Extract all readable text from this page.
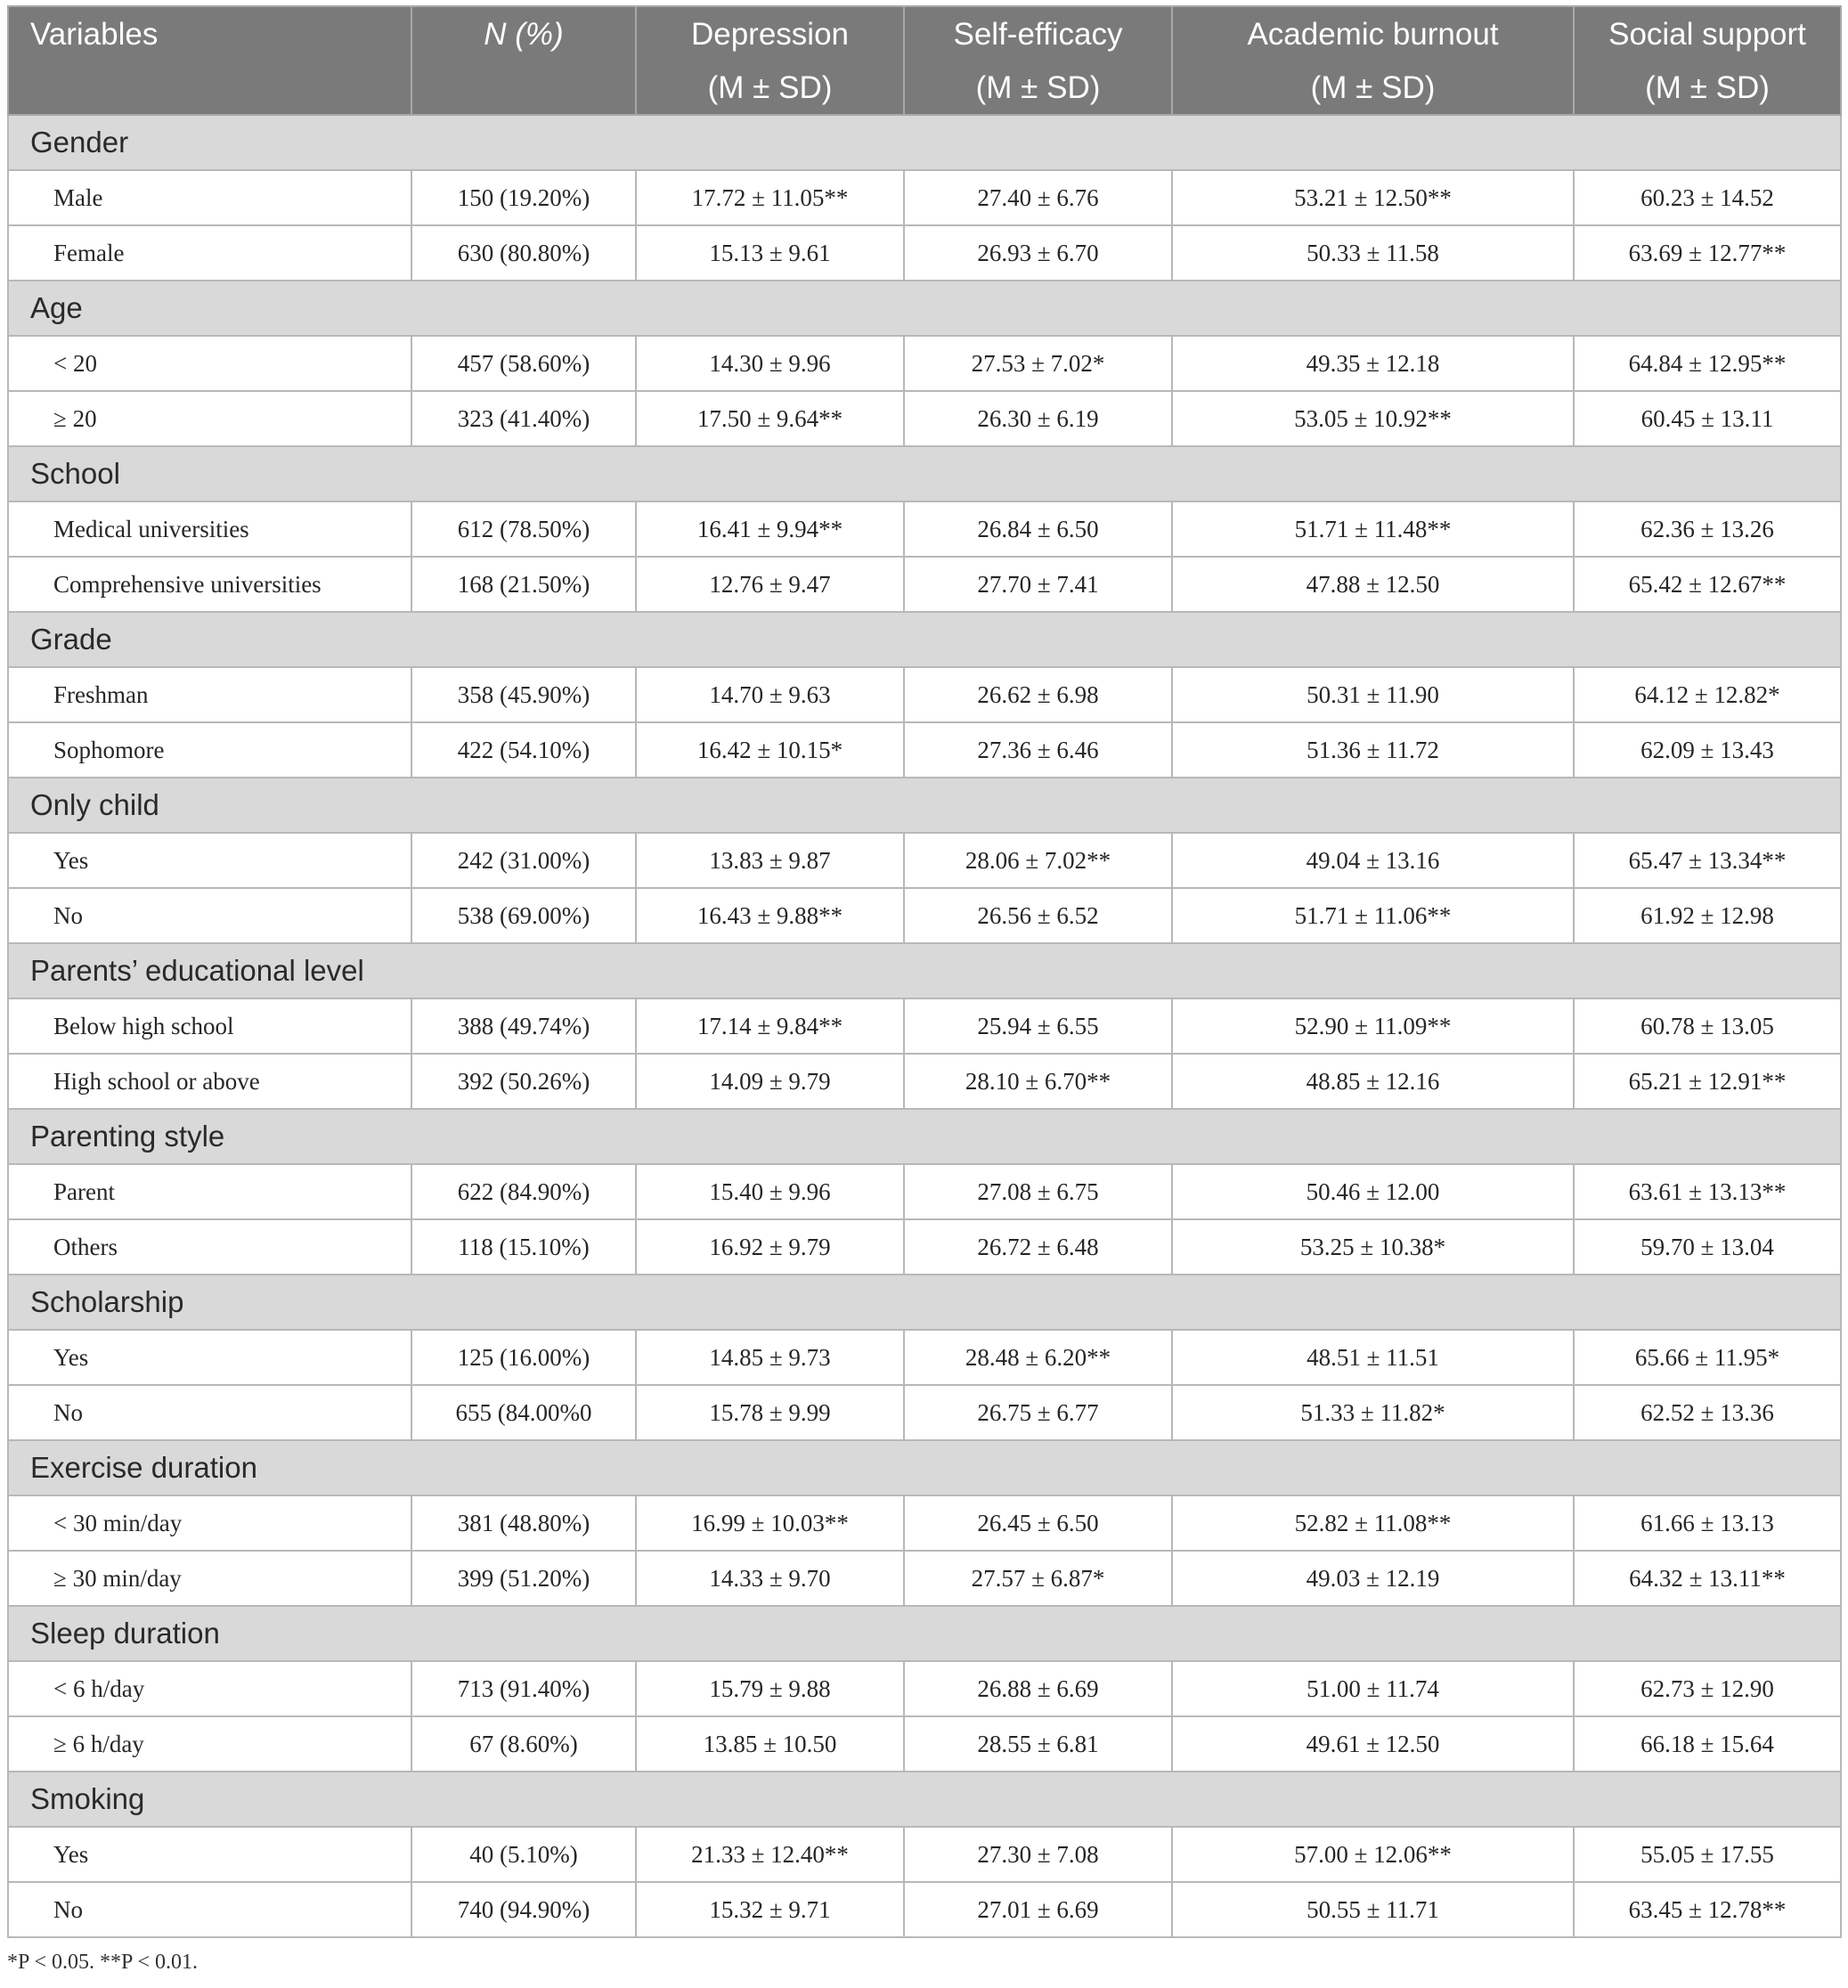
Variables	N (%)	Depression	Self-efficacy	Academic burnout	Social support
		(M ± SD)	(M ± SD)	(M ± SD)	(M ± SD)
Gender					
Male	150 (19.20%)	17.72 ± 11.05**	27.40 ± 6.76	53.21 ± 12.50**	60.23 ± 14.52
Female	630 (80.80%)	15.13 ± 9.61	26.93 ± 6.70	50.33 ± 11.58	63.69 ± 12.77**
Age					
< 20	457 (58.60%)	14.30 ± 9.96	27.53 ± 7.02*	49.35 ± 12.18	64.84 ± 12.95**
≥ 20	323 (41.40%)	17.50 ± 9.64**	26.30 ± 6.19	53.05 ± 10.92**	60.45 ± 13.11
School					
Medical universities	612 (78.50%)	16.41 ± 9.94**	26.84 ± 6.50	51.71 ± 11.48**	62.36 ± 13.26
Comprehensive universities	168 (21.50%)	12.76 ± 9.47	27.70 ± 7.41	47.88 ± 12.50	65.42 ± 12.67**
Grade					
Freshman	358 (45.90%)	14.70 ± 9.63	26.62 ± 6.98	50.31 ± 11.90	64.12 ± 12.82*
Sophomore	422 (54.10%)	16.42 ± 10.15*	27.36 ± 6.46	51.36 ± 11.72	62.09 ± 13.43
Only child					
Yes	242 (31.00%)	13.83 ± 9.87	28.06 ± 7.02**	49.04 ± 13.16	65.47 ± 13.34**
No	538 (69.00%)	16.43 ± 9.88**	26.56 ± 6.52	51.71 ± 11.06**	61.92 ± 12.98
Parents’ educational level					
Below high school	388 (49.74%)	17.14 ± 9.84**	25.94 ± 6.55	52.90 ± 11.09**	60.78 ± 13.05
High school or above	392 (50.26%)	14.09 ± 9.79	28.10 ± 6.70**	48.85 ± 12.16	65.21 ± 12.91**
Parenting style					
Parent	622 (84.90%)	15.40 ± 9.96	27.08 ± 6.75	50.46 ± 12.00	63.61 ± 13.13**
Others	118 (15.10%)	16.92 ± 9.79	26.72 ± 6.48	53.25 ± 10.38*	59.70 ± 13.04
Scholarship					
Yes	125 (16.00%)	14.85 ± 9.73	28.48 ± 6.20**	48.51 ± 11.51	65.66 ± 11.95*
No	655 (84.00%0	15.78 ± 9.99	26.75 ± 6.77	51.33 ± 11.82*	62.52 ± 13.36
Exercise duration					
< 30 min/day	381 (48.80%)	16.99 ± 10.03**	26.45 ± 6.50	52.82 ± 11.08**	61.66 ± 13.13
≥ 30 min/day	399 (51.20%)	14.33 ± 9.70	27.57 ± 6.87*	49.03 ± 12.19	64.32 ± 13.11**
Sleep duration					
< 6 h/day	713 (91.40%)	15.79 ± 9.88	26.88 ± 6.69	51.00 ± 11.74	62.73 ± 12.90
≥ 6 h/day	67 (8.60%)	13.85 ± 10.50	28.55 ± 6.81	49.61 ± 12.50	66.18 ± 15.64
Smoking					
Yes	40 (5.10%)	21.33 ± 12.40**	27.30 ± 7.08	57.00 ± 12.06**	55.05 ± 17.55
No	740 (94.90%)	15.32 ± 9.71	27.01 ± 6.69	50.55 ± 11.71	63.45 ± 12.78**
*P < 0.05. **P < 0.01.
